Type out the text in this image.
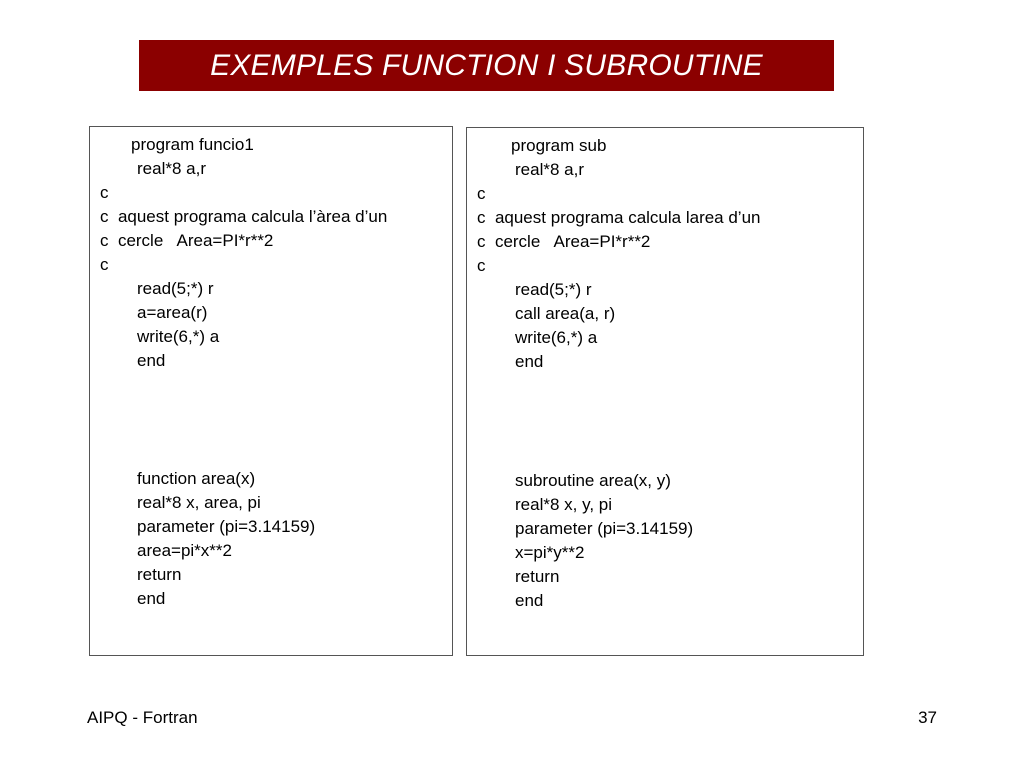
EXEMPLES FUNCTION I SUBROUTINE
program funcio1
real*8 a,r
c
c  aquest programa calcula l’àrea d’un
c  cercle   Area=PI*r**2
c
read(5;*) r
a=area(r)
write(6,*) a
end
function area(x)
real*8 x, area, pi
parameter (pi=3.14159)
area=pi*x**2
return
end
program sub
real*8 a,r
c
c  aquest programa calcula larea d’un
c  cercle   Area=PI*r**2
c
read(5;*) r
call area(a, r)
write(6,*) a
end
subroutine area(x, y)
real*8 x, y, pi
parameter (pi=3.14159)
x=pi*y**2
return
end
AIPQ - Fortran	37
